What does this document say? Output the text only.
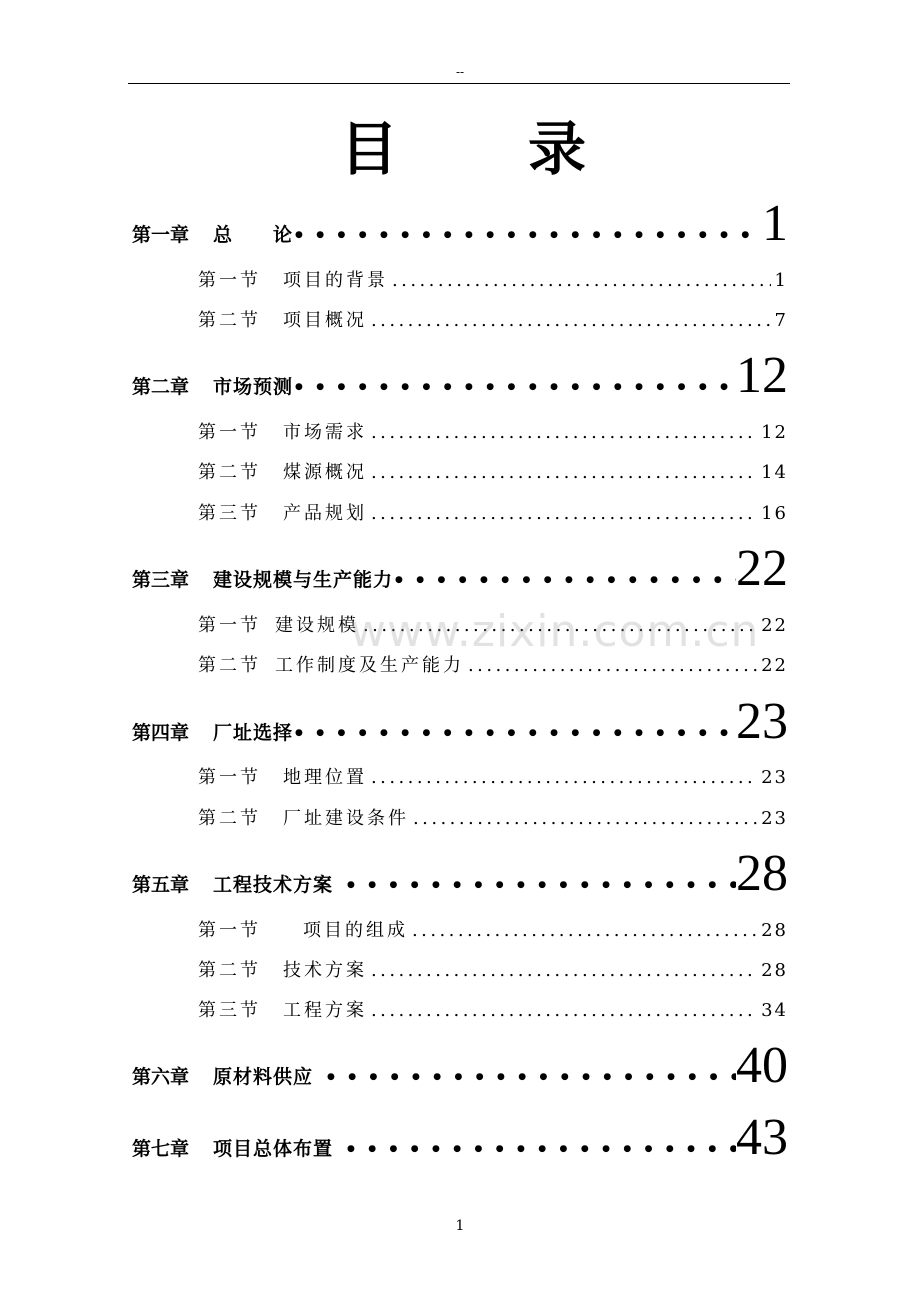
--
目 录
第一章 总　　论 ●●●●●●●●●●●●●●●●●●●●●●●●●●●●	1
第一节 项目的背景 .....	1
第二节 项目概况 .....	7
第二章 市场预测 ●●●●●●●●●●●●●●●●●●●●●●●●●●●●	12
第一节 市场需求 .....	12
第二节 煤源概况 .....	14
第三节 产品规划 .....	16
第三章 建设规模与生产能力 ●●●●●●●●●●●●●●●●●●●●●●●●●●●●	22
第一节 建设规模 .....	22
第二节 工作制度及生产能力 .....	22
第四章 厂址选择 ●●●●●●●●●●●●●●●●●●●●●●●●●●●●	23
第一节 地理位置 .....	23
第二节 厂址建设条件 .....	23
第五章 工程技术方案 ●●●●●●●●●●●●●●●●●●●●●●●●●●●●	28
第一节 项目的组成 .....	28
第二节 技术方案 .....	28
第三节 工程方案 .....	34
第六章 原材料供应 ●●●●●●●●●●●●●●●●●●●●●●●●●●●●	40
第七章 项目总体布置 ●●●●●●●●●●●●●●●●●●●●●●●●●●●●	43
www.zixin.com.cn
1
